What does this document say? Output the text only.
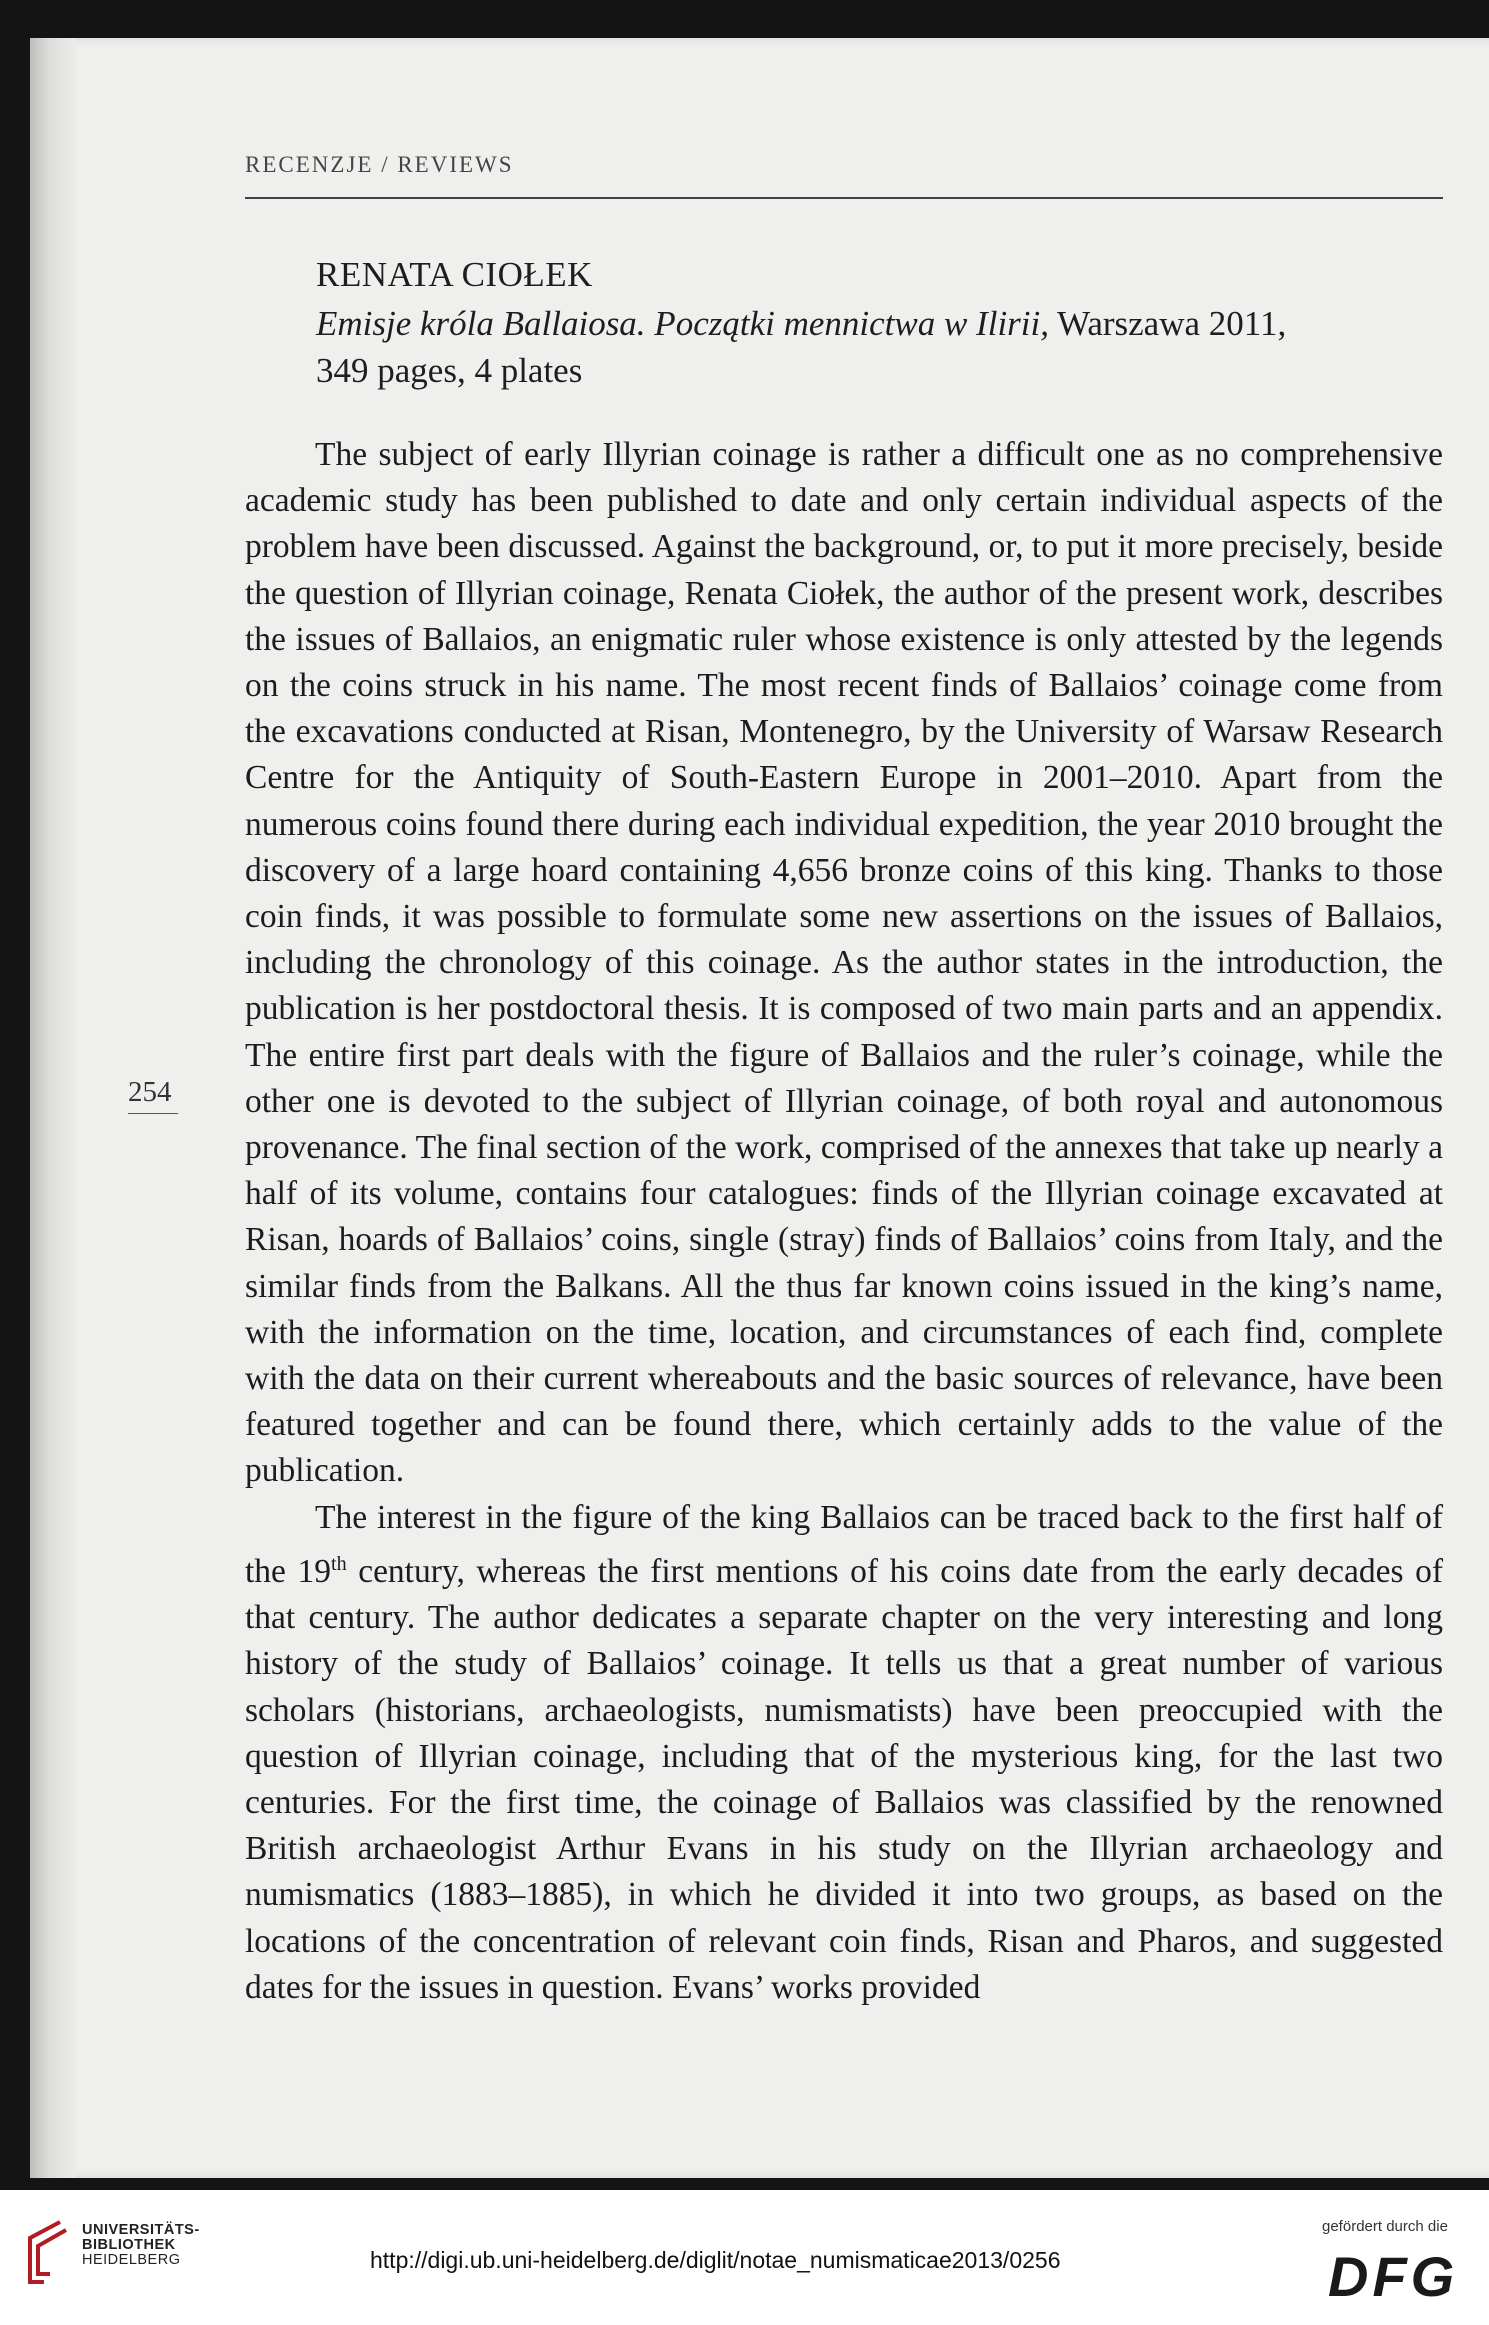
RECENZJE / REVIEWS
RENATA CIOŁEK
Emisje króla Ballaiosa. Początki mennictwa w Ilirii, Warszawa 2011,
349 pages, 4 plates
254

The subject of early Illyrian coinage is rather a difficult one as no comprehensive academic study has been published to date and only certain individual aspects of the problem have been discussed. Against the background, or, to put it more precisely, beside the question of Illyrian coinage, Renata Ciołek, the author of the present work, describes the issues of Ballaios, an enigmatic ruler whose existence is only attested by the legends on the coins struck in his name. The most recent finds of Ballaios’ coinage come from the excavations conducted at Risan, Montenegro, by the University of Warsaw Research Centre for the Antiquity of South-Eastern Europe in 2001–2010. Apart from the numerous coins found there during each individual expedition, the year 2010 brought the discovery of a large hoard containing 4,656 bronze coins of this king. Thanks to those coin finds, it was possible to formulate some new assertions on the issues of Ballaios, including the chronology of this coinage. As the author states in the introduction, the publication is her postdoctoral thesis. It is composed of two main parts and an appendix. The entire first part deals with the figure of Ballaios and the ruler’s coinage, while the other one is devoted to the subject of Illyrian coinage, of both royal and autonomous provenance. The final section of the work, comprised of the annexes that take up nearly a half of its volume, contains four catalogues: finds of the Illyrian coinage excavated at Risan, hoards of Ballaios’ coins, single (stray) finds of Ballaios’ coins from Italy, and the similar finds from the Balkans. All the thus far known coins issued in the king’s name, with the information on the time, location, and circumstances of each find, complete with the data on their current whereabouts and the basic sources of relevance, have been featured together and can be found there, which certainly adds to the value of the publication.

The interest in the figure of the king Ballaios can be traced back to the first half of the 19th century, whereas the first mentions of his coins date from the early decades of that century. The author dedicates a separate chapter on the very interesting and long history of the study of Ballaios’ coinage. It tells us that a great number of various scholars (historians, archaeologists, numismatists) have been preoccupied with the question of Illyrian coinage, including that of the mysterious king, for the last two centuries. For the first time, the coinage of Ballaios was classified by the renowned British archaeologist Arthur Evans in his study on the Illyrian archaeology and numismatics (1883–1885), in which he divided it into two groups, as based on the locations of the concentration of relevant coin finds, Risan and Pharos, and suggested dates for the issues in question. Evans’ works provided

UNIVERSITÄTS-
BIBLIOTHEK
HEIDELBERG	http://digi.ub.uni-heidelberg.de/diglit/notae_numismaticae2013/0256
gefördert durch die
DFG
